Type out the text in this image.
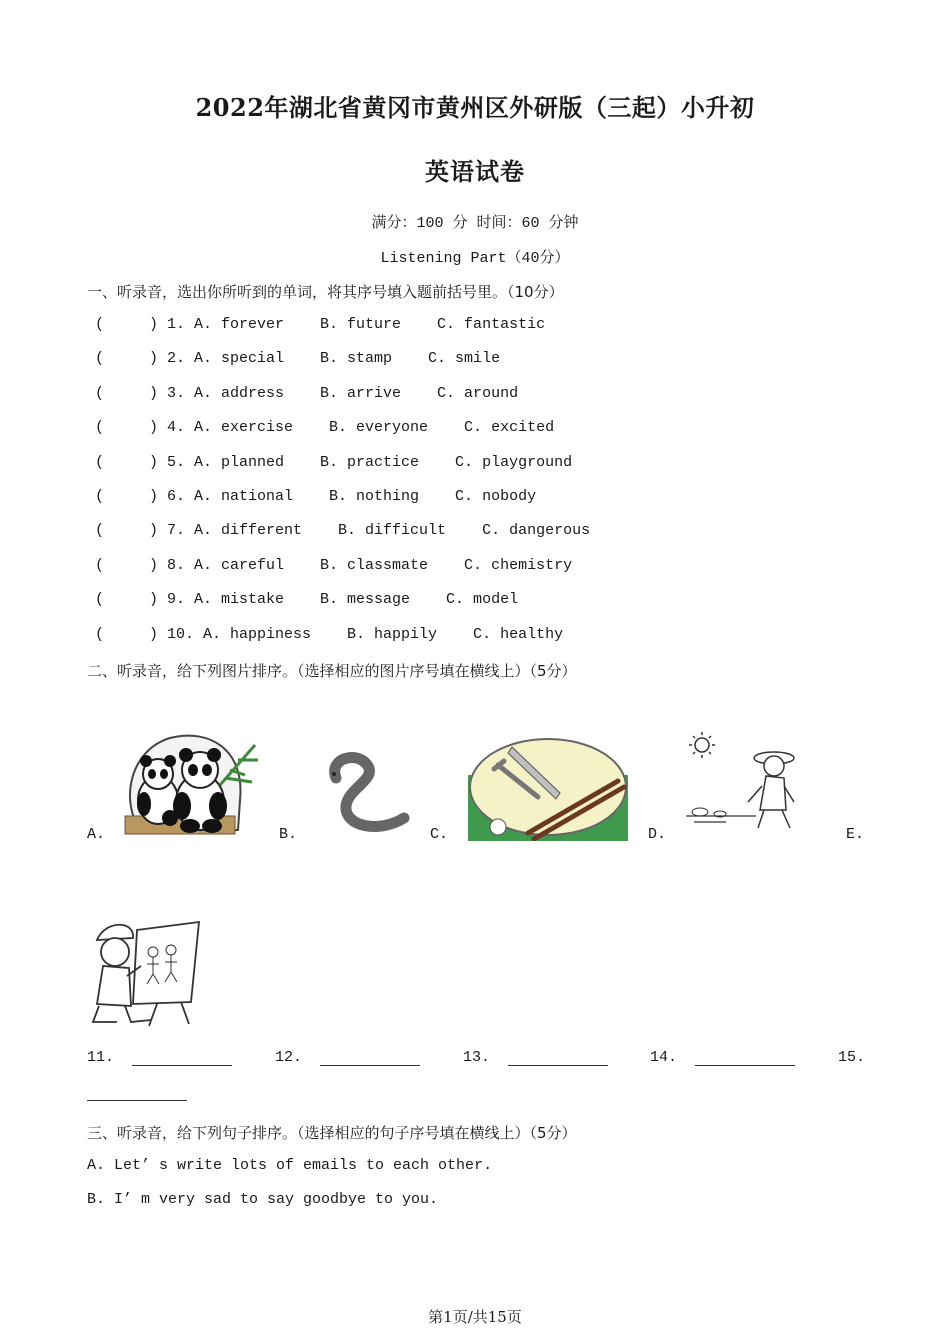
2022年湖北省黄冈市黄州区外研版（三起）小升初
英语试卷
满分：100 分 时间：60 分钟
Listening Part（40分）
一、听录音，选出你所听到的单词，将其序号填入题前括号里。（10分）
(     ) 1. A. forever    B. future    C. fantastic
(     ) 2. A. special    B. stamp    C. smile
(     ) 3. A. address    B. arrive    C. around
(     ) 4. A. exercise    B. everyone    C. excited
(     ) 5. A. planned    B. practice    C. playground
(     ) 6. A. national    B. nothing    C. nobody
(     ) 7. A. different    B. difficult    C. dangerous
(     ) 8. A. careful    B. classmate    C. chemistry
(     ) 9. A. mistake    B. message    C. model
(     ) 10. A. happiness    B. happily    C. healthy
二、听录音，给下列图片排序。（选择相应的图片序号填在横线上）（5分）
A.	B.	C.	D.	E.
11.	12.	13.	14.	15.
三、听录音，给下列句子排序。（选择相应的句子序号填在横线上）（5分）
A. Let’ s write lots of emails to each other.
B. I’ m very sad to say goodbye to you.
第1页/共15页
